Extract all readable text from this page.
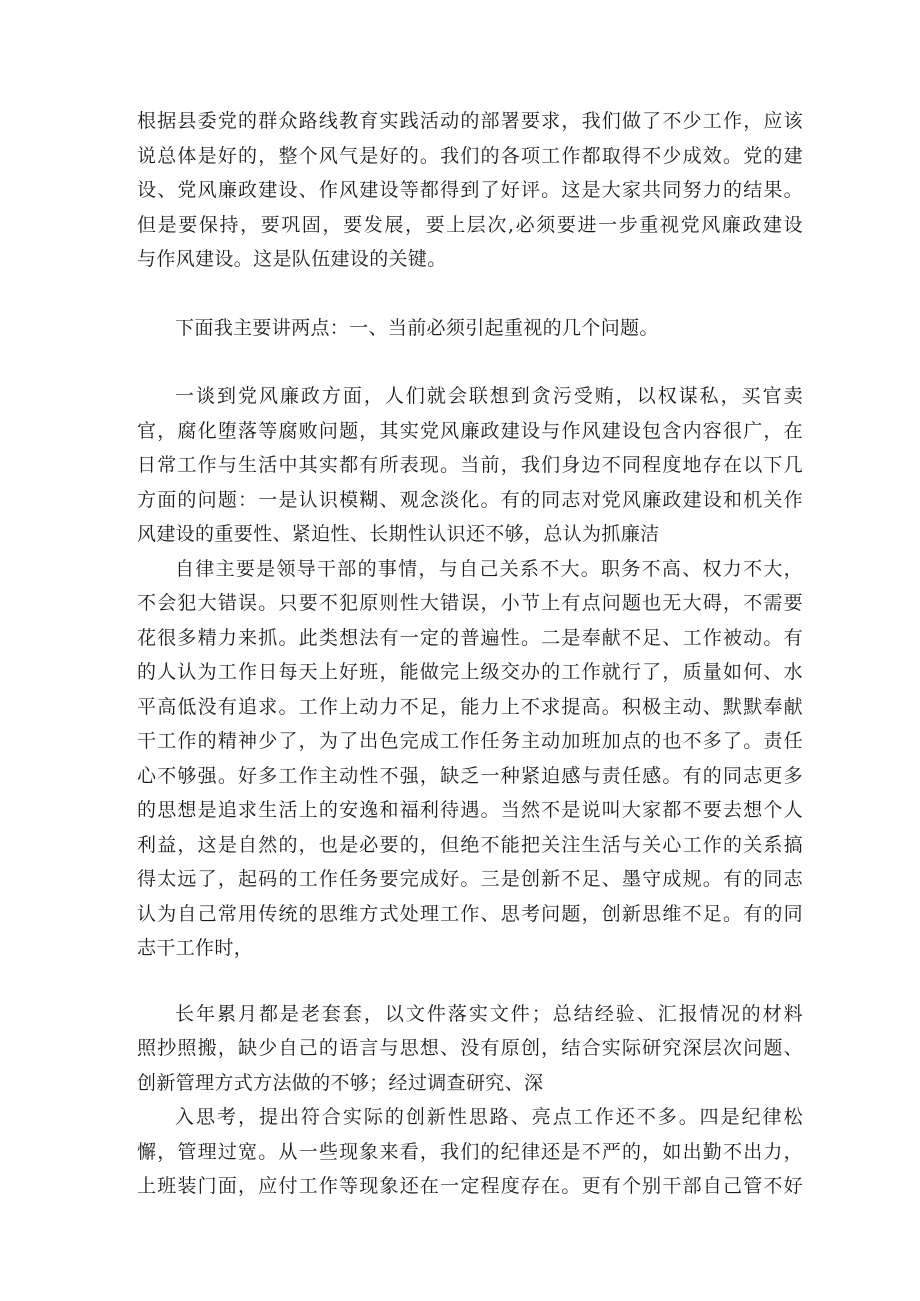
根据县委党的群众路线教育实践活动的部署要求，我们做了不少工作，应该
说总体是好的，整个风气是好的。我们的各项工作都取得不少成效。党的建
设、党风廉政建设、作风建设等都得到了好评。这是大家共同努力的结果。
但是要保持，要巩固，要发展，要上层次,必须要进一步重视党风廉政建设
与作风建设。这是队伍建设的关键。
下面我主要讲两点：一、当前必须引起重视的几个问题。
一谈到党风廉政方面，人们就会联想到贪污受贿，以权谋私，买官卖
官，腐化堕落等腐败问题，其实党风廉政建设与作风建设包含内容很广，在
日常工作与生活中其实都有所表现。当前，我们身边不同程度地存在以下几
方面的问题：一是认识模糊、观念淡化。有的同志对党风廉政建设和机关作
风建设的重要性、紧迫性、长期性认识还不够，总认为抓廉洁
自律主要是领导干部的事情，与自己关系不大。职务不高、权力不大，
不会犯大错误。只要不犯原则性大错误，小节上有点问题也无大碍，不需要
花很多精力来抓。此类想法有一定的普遍性。二是奉献不足、工作被动。有
的人认为工作日每天上好班，能做完上级交办的工作就行了，质量如何、水
平高低没有追求。工作上动力不足，能力上不求提高。积极主动、默默奉献
干工作的精神少了，为了出色完成工作任务主动加班加点的也不多了。责任
心不够强。好多工作主动性不强，缺乏一种紧迫感与责任感。有的同志更多
的思想是追求生活上的安逸和福利待遇。当然不是说叫大家都不要去想个人
利益，这是自然的，也是必要的，但绝不能把关注生活与关心工作的关系搞
得太远了，起码的工作任务要完成好。三是创新不足、墨守成规。有的同志
认为自己常用传统的思维方式处理工作、思考问题，创新思维不足。有的同
志干工作时，
长年累月都是老套套，以文件落实文件；总结经验、汇报情况的材料
照抄照搬，缺少自己的语言与思想、没有原创，结合实际研究深层次问题、
创新管理方式方法做的不够；经过调查研究、深
入思考，提出符合实际的创新性思路、亮点工作还不多。四是纪律松
懈，管理过宽。从一些现象来看，我们的纪律还是不严的，如出勤不出力，
上班装门面，应付工作等现象还在一定程度存在。更有个别干部自己管不好
